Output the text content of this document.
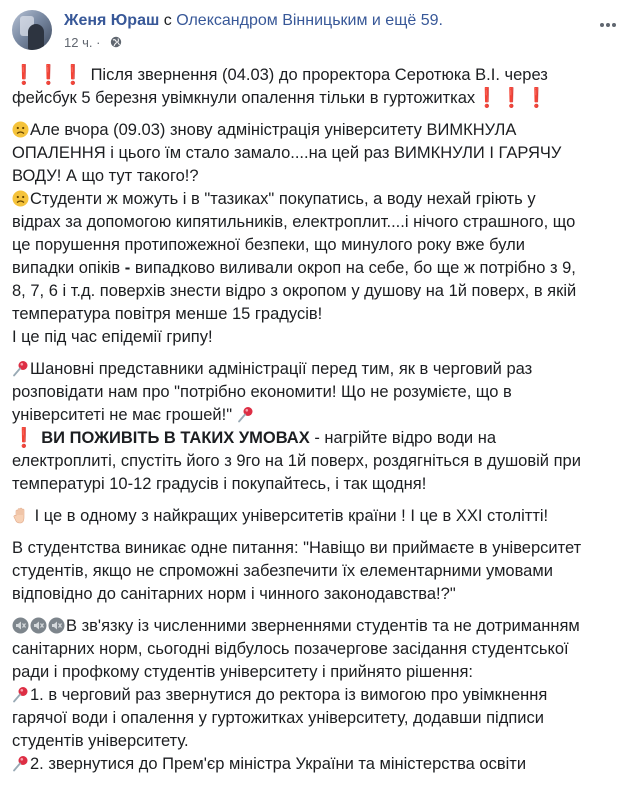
Женя Юраш с Олександром Вінницьким и ещё 59.
12 ч. ·

❗❗❗ Після звернення (04.03) до проректора Серотюка В.І. через
фейсбук 5 березня увімкнули опалення тільки в гуртожитках❗❗❗

Але вчора (09.03) знову адміністрація університету ВИМКНУЛА
ОПАЛЕННЯ і цього їм стало замало....на цей раз ВИМКНУЛИ І ГАРЯЧУ
ВОДУ! А що тут такого!?
Студенти ж можуть і в "тазиках" покупатись, а воду нехай гріють у
відрах за допомогою кипятильників, електроплит....і нічого страшного, що
це порушення протипожежної безпеки, що минулого року вже були
випадки опіків - випадково виливали окроп на себе, бо ще ж потрібно з 9,
8, 7, 6 і т.д. поверхів знести відро з окропом у душову на 1й поверх, в якій
температура повітря менше 15 градусів!
І це під час епідемії грипу!

Шановні представники адміністрації перед тим, як в черговий раз
розповідати нам про "потрібно економити! Що не розумієте, що в
університеті не має грошей!"
❗ ВИ ПОЖИВІТЬ В ТАКИХ УМОВАХ - нагрійте відро води на
електроплиті, спустіть його з 9го на 1й поверх, роздягніться в душовій при
температурі 10-12 градусів і покупайтесь, і так щодня!

І це в одному з найкращих університетів країни ! І це в XXI столітті!

В студентства виникає одне питання: "Навіщо ви приймаєте в університет
студентів, якщо не спроможні забезпечити їх елементарними умовами
відповідно до санітарних норм і чинного законодавства!?"

В зв'язку із численними зверненнями студентів та не дотриманням
санітарних норм, сьогодні відбулось позачергове засідання студентської
ради і профкому студентів університету і прийнято рішення:
1. в черговий раз звернутися до ректора із вимогою про увімкнення
гарячої води і опалення у гуртожитках університету, додавши підписи
студентів університету.
2. звернутися до Прем'єр міністра України та міністерства освіти
